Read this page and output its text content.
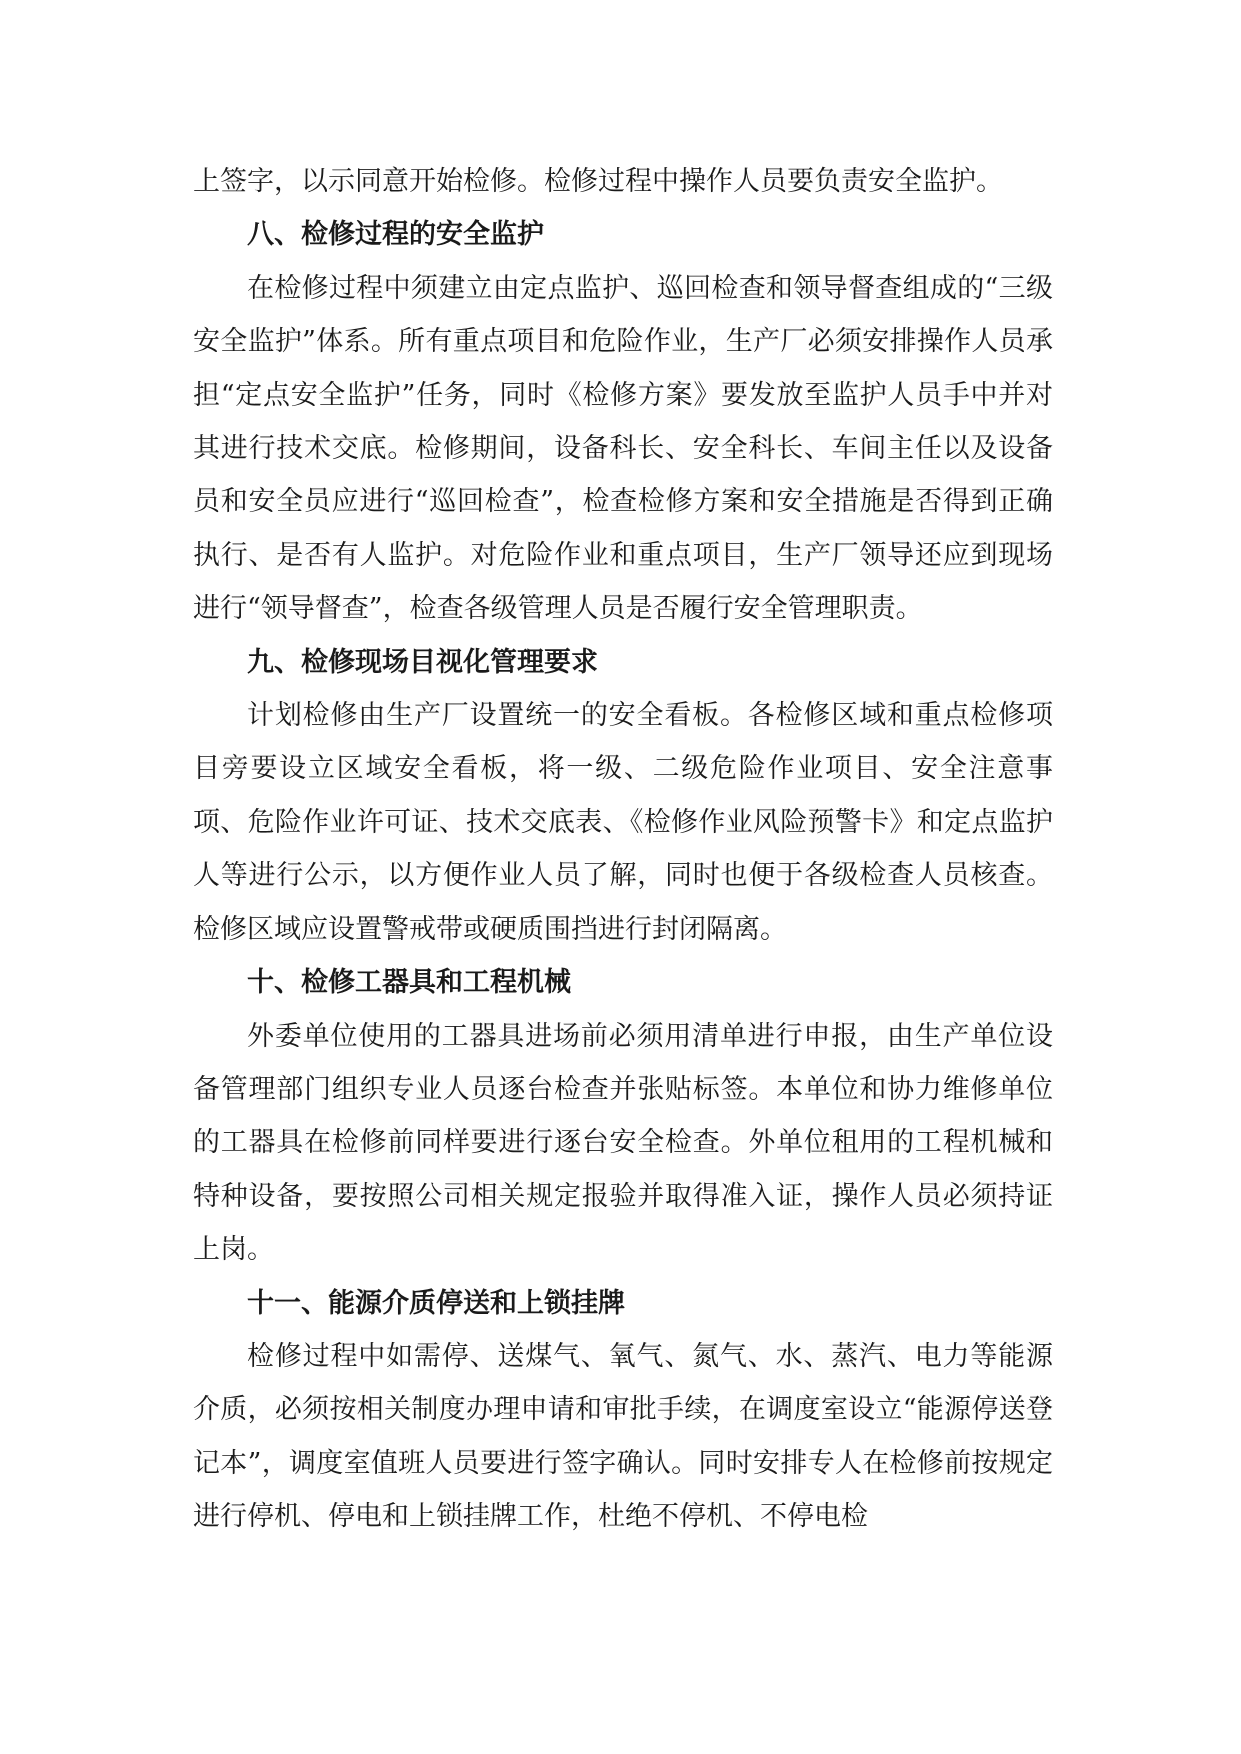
上签字，以示同意开始检修。检修过程中操作人员要负责安全监护。

八、检修过程的安全监护

在检修过程中须建立由定点监护、巡回检查和领导督查组成的“三级安全监护”体系。所有重点项目和危险作业，生产厂必须安排操作人员承担“定点安全监护”任务，同时《检修方案》要发放至监护人员手中并对其进行技术交底。检修期间，设备科长、安全科长、车间主任以及设备员和安全员应进行“巡回检查”，检查检修方案和安全措施是否得到正确执行、是否有人监护。对危险作业和重点项目，生产厂领导还应到现场进行“领导督查”，检查各级管理人员是否履行安全管理职责。

九、检修现场目视化管理要求

计划检修由生产厂设置统一的安全看板。各检修区域和重点检修项目旁要设立区域安全看板，将一级、二级危险作业项目、安全注意事项、危险作业许可证、技术交底表、《检修作业风险预警卡》和定点监护人等进行公示，以方便作业人员了解，同时也便于各级检查人员核查。检修区域应设置警戒带或硬质围挡进行封闭隔离。

十、检修工器具和工程机械

外委单位使用的工器具进场前必须用清单进行申报，由生产单位设备管理部门组织专业人员逐台检查并张贴标签。本单位和协力维修单位的工器具在检修前同样要进行逐台安全检查。外单位租用的工程机械和特种设备，要按照公司相关规定报验并取得准入证，操作人员必须持证上岗。

十一、能源介质停送和上锁挂牌

检修过程中如需停、送煤气、氧气、氮气、水、蒸汽、电力等能源介质，必须按相关制度办理申请和审批手续，在调度室设立“能源停送登记本”，调度室值班人员要进行签字确认。同时安排专人在检修前按规定进行停机、停电和上锁挂牌工作，杜绝不停机、不停电检
